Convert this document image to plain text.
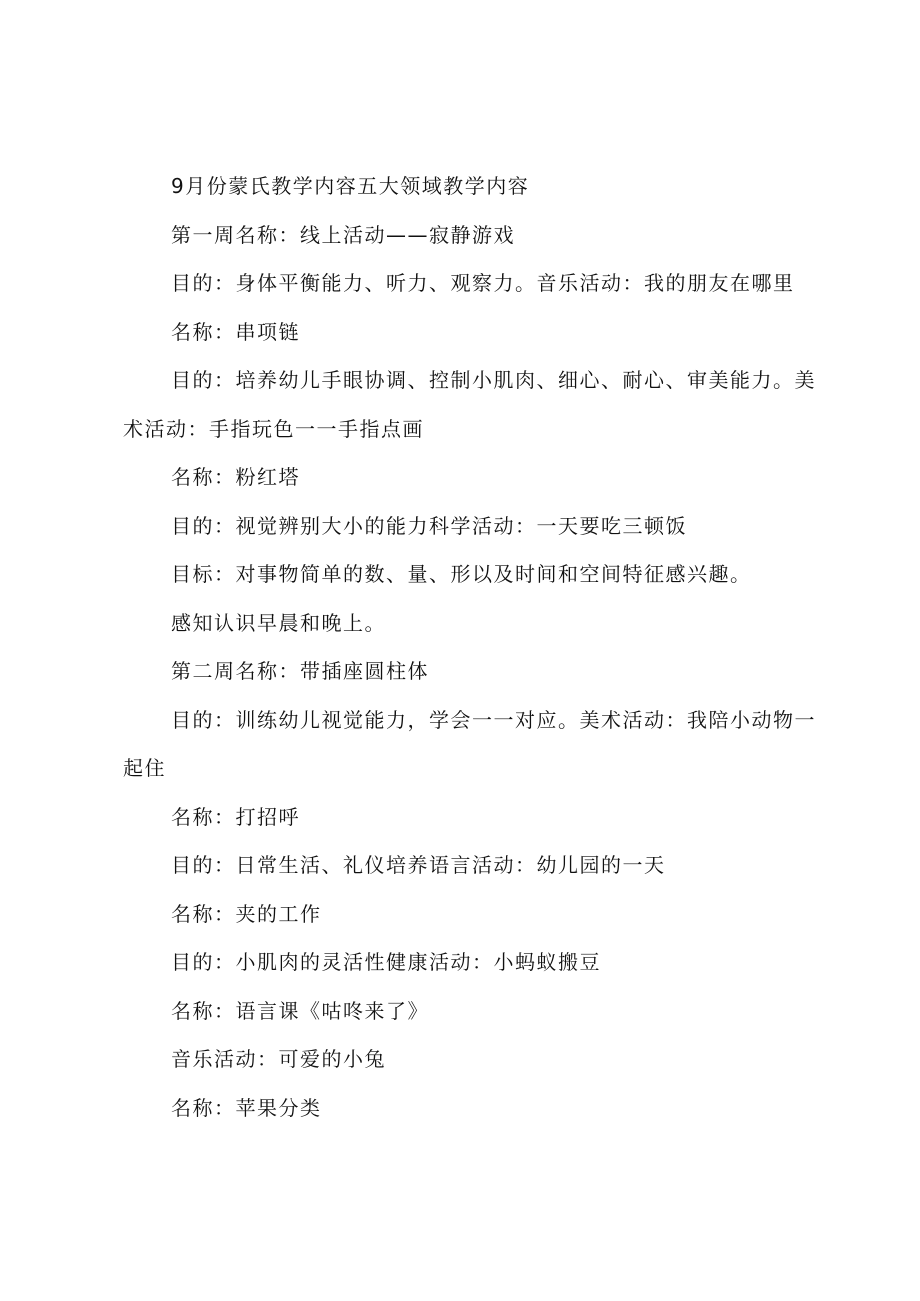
9月份蒙氏教学内容五大领域教学内容

第一周名称：线上活动——寂静游戏

目的：身体平衡能力、听力、观察力。音乐活动：我的朋友在哪里

名称：串项链

目的：培养幼儿手眼协调、控制小肌肉、细心、耐心、审美能力。美术活动：手指玩色一一手指点画

名称：粉红塔

目的：视觉辨别大小的能力科学活动：一天要吃三顿饭

目标：对事物简单的数、量、形以及时间和空间特征感兴趣。

感知认识早晨和晚上。

第二周名称：带插座圆柱体

目的：训练幼儿视觉能力，学会一一对应。美术活动：我陪小动物一起住

名称：打招呼

目的：日常生活、礼仪培养语言活动：幼儿园的一天

名称：夹的工作

目的：小肌肉的灵活性健康活动：小蚂蚁搬豆

名称：语言课《咕咚来了》

音乐活动：可爱的小兔

名称：苹果分类
